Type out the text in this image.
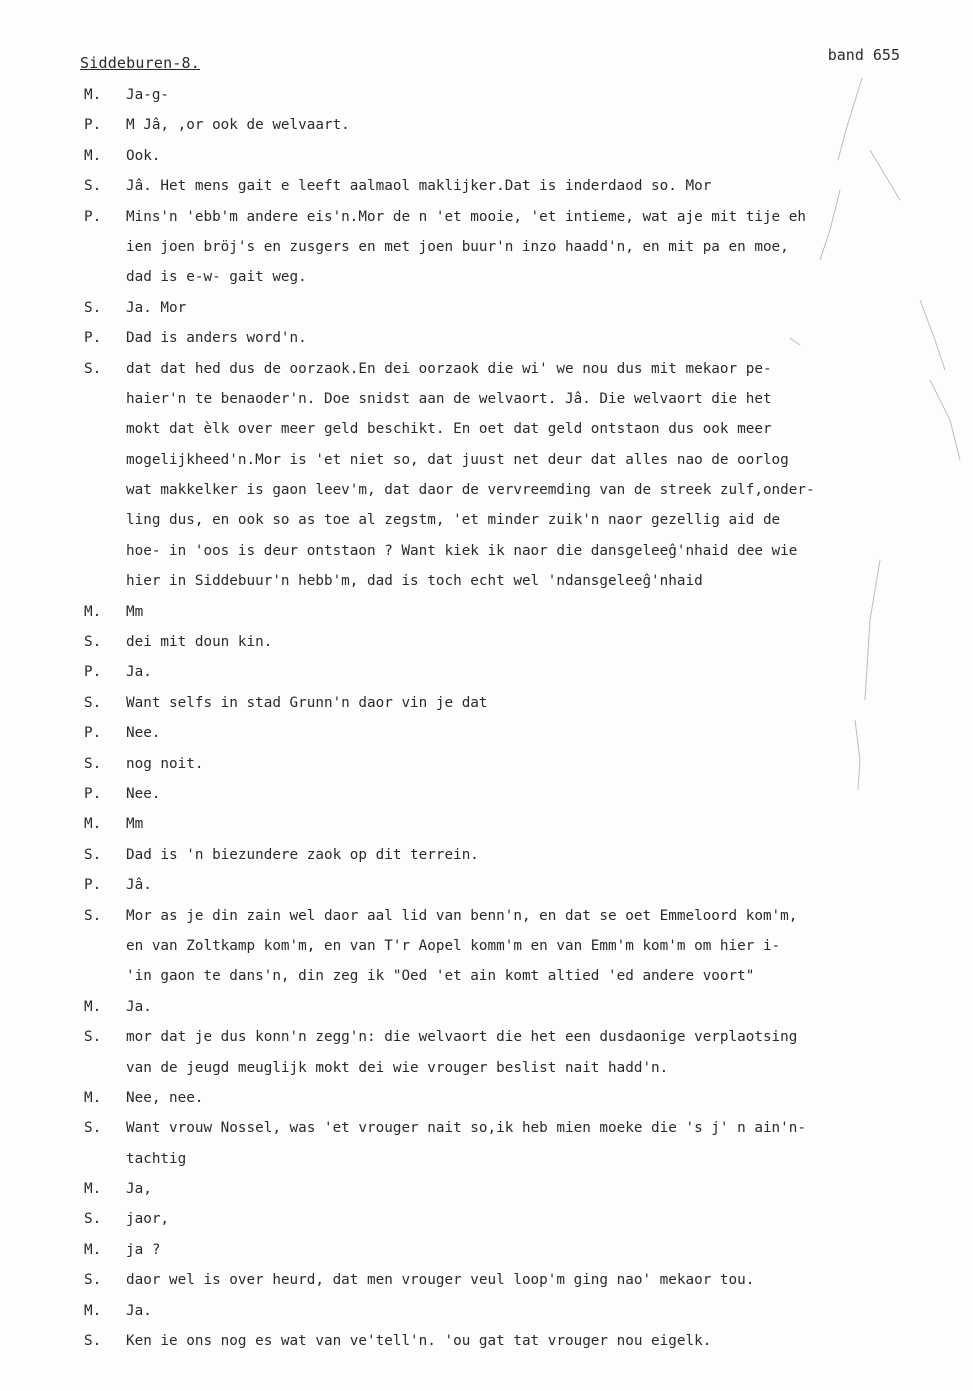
Siddeburen-8.	band 655
M.	Ja-g-
P.	M Jâ, ,or ook de welvaart.
M.	Ook.
S.	Jâ. Het mens gait e leeft aalmaol maklijker.Dat is inderdaod so. Mor
P.	Mins'n 'ebb'm andere eis'n.Mor de n 'et mooie, 'et intieme, wat aje mit tije eh
ien joen bröj's en zusgers en met joen buur'n inzo haadd'n, en mit pa en moe,
dad is e-w- gait weg.
S.	Ja. Mor
P.	Dad is anders word'n.
S.	dat dat hed dus de oorzaok.En dei oorzaok die wi' we nou dus mit mekaor pe-
haier'n te benaoder'n. Doe snidst aan de welvaort. Jâ. Die welvaort die het
mokt dat èlk over meer geld beschikt. En oet dat geld ontstaon dus ook meer
mogelijkheed'n.Mor is 'et niet so, dat juust net deur dat alles nao de oorlog
wat makkelker is gaon leev'm, dat daor de vervreemding van de streek zulf,onder-
ling dus, en ook so as toe al zegstm, 'et minder zuik'n naor gezellig aid de
hoe- in 'oos is deur ontstaon ? Want kiek ik naor die dansgeleeĝ'nhaid dee wie
hier in Siddebuur'n hebb'm, dad is toch echt wel 'ndansgeleeĝ'nhaid
M.	Mm
S.	dei mit doun kin.
P.	Ja.
S.	Want selfs in stad Grunn'n daor vin je dat
P.	Nee.
S.	nog noit.
P.	Nee.
M.	Mm
S.	Dad is 'n biezundere zaok op dit terrein.
P.	Jâ.
S.	Mor as je din zain wel daor aal lid van benn'n, en dat se oet Emmeloord kom'm,
en van Zoltkamp kom'm, en van T'r Aopel komm'm en van Emm'm kom'm om hier i-
'in gaon te dans'n, din zeg ik "Oed 'et ain komt altied 'ed andere voort"
M.	Ja.
S.	mor dat je dus konn'n zegg'n: die welvaort die het een dusdaonige verplaotsing
van de jeugd meuglijk mokt dei wie vrouger beslist nait hadd'n.
M.	Nee, nee.
S.	Want vrouw Nossel, was 'et vrouger nait so,ik heb mien moeke die 's j' n ain'n-
tachtig
M.	Ja,
S.	jaor,
M.	ja ?
S.	daor wel is over heurd, dat men vrouger veul loop'm ging nao' mekaor tou.
M.	Ja.
S.	Ken ie ons nog es wat van ve'tell'n. 'ou gat tat vrouger nou eigelk.
